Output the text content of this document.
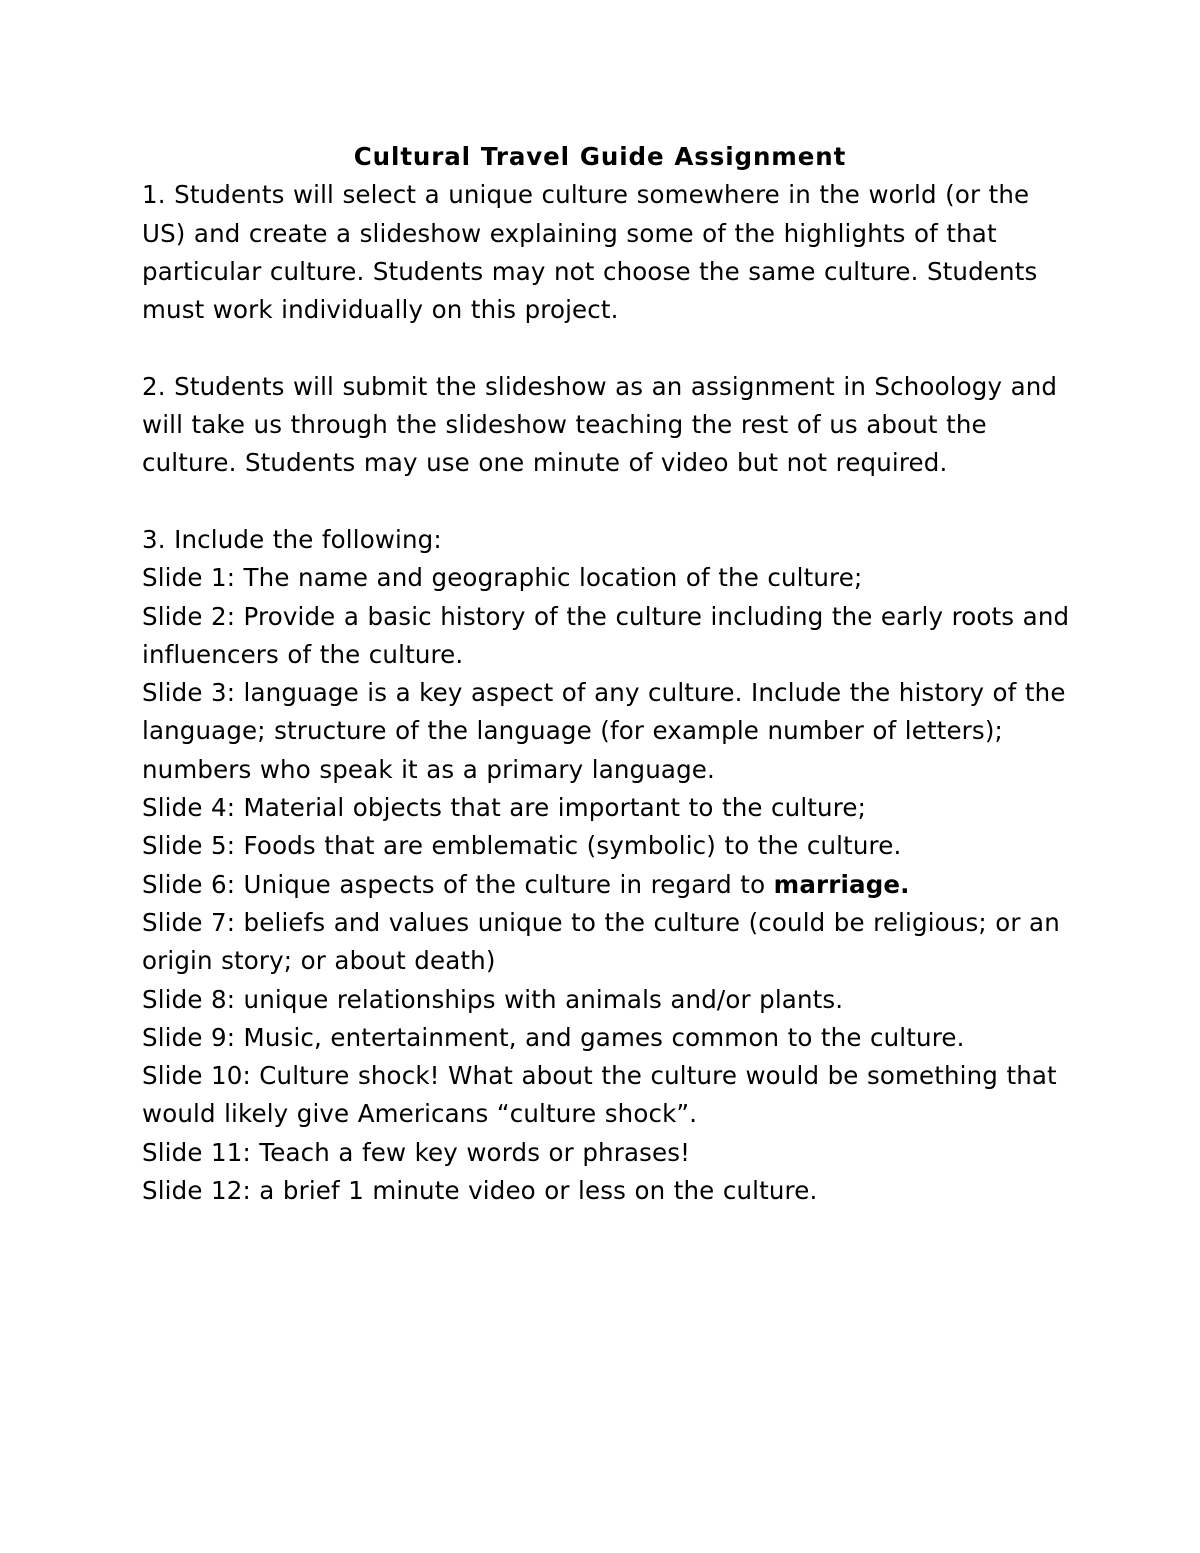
Cultural Travel Guide Assignment

1. Students will select a unique culture somewhere in the world (or the US) and create a slideshow explaining some of the highlights of that particular culture. Students may not choose the same culture. Students must work individually on this project.

2. Students will submit the slideshow as an assignment in Schoology and will take us through the slideshow teaching the rest of us about the culture. Students may use one minute of video but not required.

3. Include the following:

Slide 1: The name and geographic location of the culture;

Slide 2: Provide a basic history of the culture including the early roots and influencers of the culture.

Slide 3: language is a key aspect of any culture. Include the history of the language; structure of the language (for example number of letters); numbers who speak it as a primary language.

Slide 4: Material objects that are important to the culture;

Slide 5: Foods that are emblematic (symbolic) to the culture.

Slide 6: Unique aspects of the culture in regard to marriage.

Slide 7: beliefs and values unique to the culture (could be religious; or an origin story; or about death)

Slide 8: unique relationships with animals and/or plants.

Slide 9: Music, entertainment, and games common to the culture.

Slide 10: Culture shock! What about the culture would be something that would likely give Americans “culture shock”.

Slide 11: Teach a few key words or phrases!

Slide 12: a brief 1 minute video or less on the culture.
